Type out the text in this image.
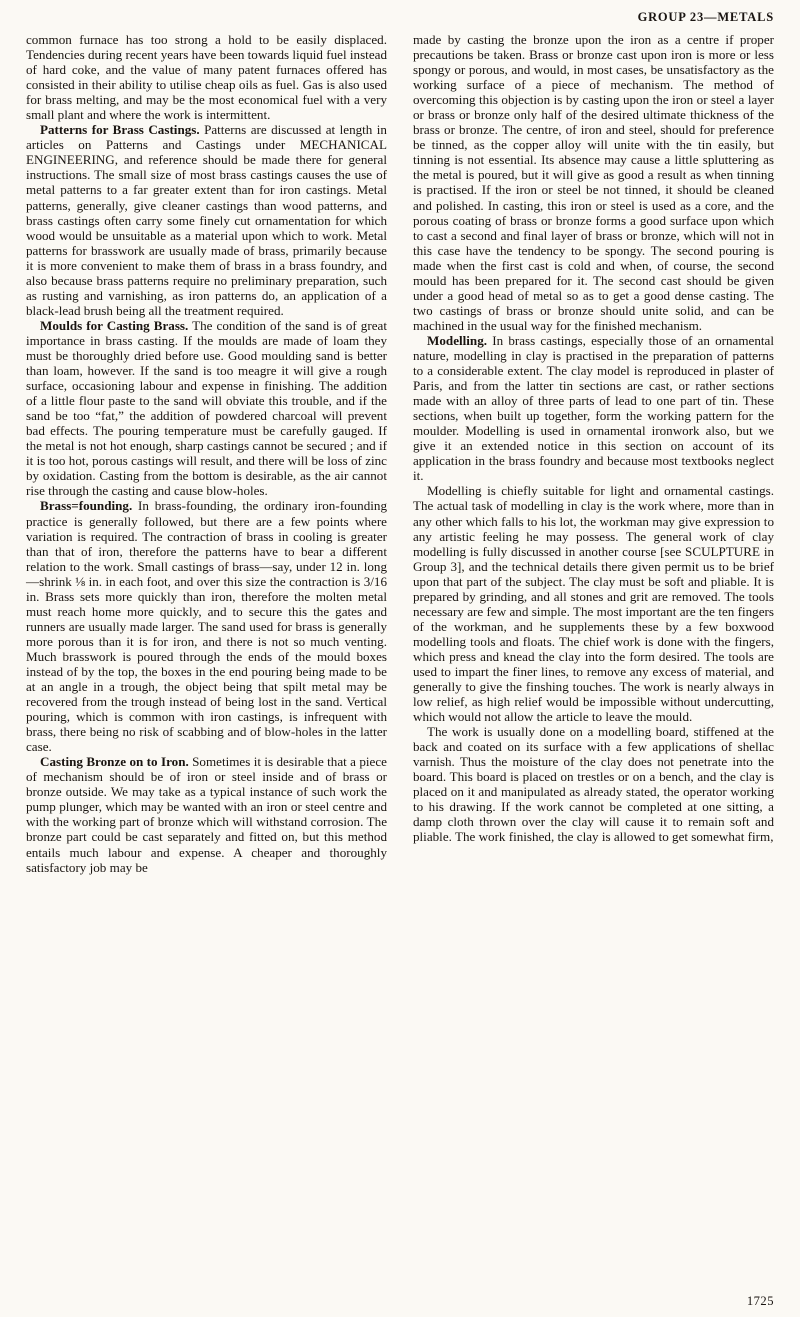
GROUP 23—METALS

common furnace has too strong a hold to be easily displaced. Tendencies during recent years have been towards liquid fuel instead of hard coke, and the value of many patent furnaces offered has consisted in their ability to utilise cheap oils as fuel. Gas is also used for brass melting, and may be the most economical fuel with a very small plant and where the work is intermittent.

Patterns for Brass Castings. Patterns are discussed at length in articles on Patterns and Castings under MECHANICAL ENGINEERING, and reference should be made there for general instructions. The small size of most brass castings causes the use of metal patterns to a far greater extent than for iron castings. Metal patterns, generally, give cleaner castings than wood patterns, and brass castings often carry some finely cut ornamentation for which wood would be unsuitable as a material upon which to work. Metal patterns for brasswork are usually made of brass, primarily because it is more convenient to make them of brass in a brass foundry, and also because brass patterns require no preliminary preparation, such as rusting and varnishing, as iron patterns do, an application of a black-lead brush being all the treatment required.

Moulds for Casting Brass. The condition of the sand is of great importance in brass casting. If the moulds are made of loam they must be thoroughly dried before use. Good moulding sand is better than loam, however. If the sand is too meagre it will give a rough surface, occasioning labour and expense in finishing. The addition of a little flour paste to the sand will obviate this trouble, and if the sand be too “fat,” the addition of powdered charcoal will prevent bad effects. The pouring temperature must be carefully gauged. If the metal is not hot enough, sharp castings cannot be secured ; and if it is too hot, porous castings will result, and there will be loss of zinc by oxidation. Casting from the bottom is desirable, as the air cannot rise through the casting and cause blow-holes.

Brass=founding. In brass-founding, the ordinary iron-founding practice is generally followed, but there are a few points where variation is required. The contraction of brass in cooling is greater than that of iron, therefore the patterns have to bear a different relation to the work. Small castings of brass—say, under 12 in. long—shrink ⅛ in. in each foot, and over this size the contraction is 3/16 in. Brass sets more quickly than iron, therefore the molten metal must reach home more quickly, and to secure this the gates and runners are usually made larger. The sand used for brass is generally more porous than it is for iron, and there is not so much venting. Much brasswork is poured through the ends of the mould boxes instead of by the top, the boxes in the end pouring being made to be at an angle in a trough, the object being that spilt metal may be recovered from the trough instead of being lost in the sand. Vertical pouring, which is common with iron castings, is infrequent with brass, there being no risk of scabbing and of blow-holes in the latter case.

Casting Bronze on to Iron. Sometimes it is desirable that a piece of mechanism should be of iron or steel inside and of brass or bronze outside. We may take as a typical instance of such work the pump plunger, which may be wanted with an iron or steel centre and with the working part of bronze which will withstand corrosion. The bronze part could be cast separately and fitted on, but this method entails much labour and expense. A cheaper and thoroughly satisfactory job may be

made by casting the bronze upon the iron as a centre if proper precautions be taken. Brass or bronze cast upon iron is more or less spongy or porous, and would, in most cases, be unsatisfactory as the working surface of a piece of mechanism. The method of overcoming this objection is by casting upon the iron or steel a layer or brass or bronze only half of the desired ultimate thickness of the brass or bronze. The centre, of iron and steel, should for preference be tinned, as the copper alloy will unite with the tin easily, but tinning is not essential. Its absence may cause a little spluttering as the metal is poured, but it will give as good a result as when tinning is practised. If the iron or steel be not tinned, it should be cleaned and polished. In casting, this iron or steel is used as a core, and the porous coating of brass or bronze forms a good surface upon which to cast a second and final layer of brass or bronze, which will not in this case have the tendency to be spongy. The second pouring is made when the first cast is cold and when, of course, the second mould has been prepared for it. The second cast should be given under a good head of metal so as to get a good dense casting. The two castings of brass or bronze should unite solid, and can be machined in the usual way for the finished mechanism.

Modelling. In brass castings, especially those of an ornamental nature, modelling in clay is practised in the preparation of patterns to a considerable extent. The clay model is reproduced in plaster of Paris, and from the latter tin sections are cast, or rather sections made with an alloy of three parts of lead to one part of tin. These sections, when built up together, form the working pattern for the moulder. Modelling is used in ornamental ironwork also, but we give it an extended notice in this section on account of its application in the brass foundry and because most textbooks neglect it.

Modelling is chiefly suitable for light and ornamental castings. The actual task of modelling in clay is the work where, more than in any other which falls to his lot, the workman may give expression to any artistic feeling he may possess. The general work of clay modelling is fully discussed in another course [see SCULPTURE in Group 3], and the technical details there given permit us to be brief upon that part of the subject. The clay must be soft and pliable. It is prepared by grinding, and all stones and grit are removed. The tools necessary are few and simple. The most important are the ten fingers of the workman, and he supplements these by a few boxwood modelling tools and floats. The chief work is done with the fingers, which press and knead the clay into the form desired. The tools are used to impart the finer lines, to remove any excess of material, and generally to give the finshing touches. The work is nearly always in low relief, as high relief would be impossible without undercutting, which would not allow the article to leave the mould.

The work is usually done on a modelling board, stiffened at the back and coated on its surface with a few applications of shellac varnish. Thus the moisture of the clay does not penetrate into the board. This board is placed on trestles or on a bench, and the clay is placed on it and manipulated as already stated, the operator working to his drawing. If the work cannot be completed at one sitting, a damp cloth thrown over the clay will cause it to remain soft and pliable. The work finished, the clay is allowed to get somewhat firm,

1725
